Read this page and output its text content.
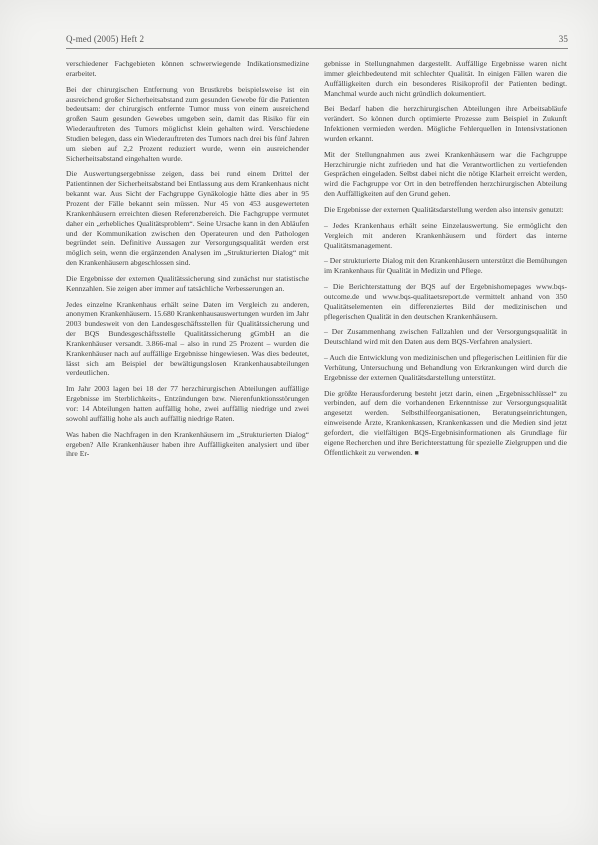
Q-med (2005) Heft 2	35

verschiedener Fachgebieten können schwerwiegende Indikationsmedizine erarbeitet.

Bei der chirurgischen Entfernung von Brustkrebs beispielsweise ist ein ausreichend großer Sicherheitsabstand zum gesunden Gewebe für die Patienten bedeutsam: der chirurgisch entfernte Tumor muss von einem ausreichend großen Saum gesunden Gewebes umgeben sein, damit das Risiko für ein Wiederauftreten des Tumors möglichst klein gehalten wird. Verschiedene Studien belegen, dass ein Wiederauftreten des Tumors nach drei bis fünf Jahren um sieben auf 2,2 Prozent reduziert wurde, wenn ein ausreichender Sicherheitsabstand eingehalten wurde.

Die Auswertungsergebnisse zeigen, dass bei rund einem Drittel der Patientinnen der Sicherheitsabstand bei Entlassung aus dem Krankenhaus nicht bekannt war. Aus Sicht der Fachgruppe Gynäkologie hätte dies aber in 95 Prozent der Fälle bekannt sein müssen. Nur 45 von 453 ausgewerteten Krankenhäusern erreichten diesen Referenzbereich. Die Fachgruppe vermutet daher ein „erhebliches Qualitätsproblem“. Seine Ursache kann in den Abläufen und der Kommunikation zwischen den Operateuren und den Pathologen begründet sein. Definitive Aussagen zur Versorgungsqualität werden erst möglich sein, wenn die ergänzenden Analysen im „Strukturierten Dialog“ mit den Krankenhäusern abgeschlossen sind.

Die Ergebnisse der externen Qualitätssicherung sind zunächst nur statistische Kennzahlen. Sie zeigen aber immer auf tatsächliche Verbesserungen an.

Jedes einzelne Krankenhaus erhält seine Daten im Vergleich zu anderen, anonymen Krankenhäusern. 15.680 Krankenhausauswertungen wurden im Jahr 2003 bundesweit von den Landesgeschäftsstellen für Qualitätssicherung und der BQS Bundesgeschäftsstelle Qualitätssicherung gGmbH an die Krankenhäuser versandt. 3.866-mal – also in rund 25 Prozent – wurden die Krankenhäuser nach auf auffällige Ergebnisse hingewiesen. Was dies bedeutet, lässt sich am Beispiel der bewältigungslosen Krankenhausabteilungen verdeutlichen.

Im Jahr 2003 lagen bei 18 der 77 herzchirurgischen Abteilungen auffällige Ergebnisse im Sterblichkeits-, Entzündungen bzw. Nierenfunktionsstörungen vor: 14 Abteilungen hatten auffällig hohe, zwei auffällig niedrige und zwei sowohl auffällig hohe als auch auffällig niedrige Raten.

Was haben die Nachfragen in den Krankenhäusern im „Strukturierten Dialog“ ergeben? Alle Krankenhäuser haben ihre Auffälligkeiten analysiert und über ihre Er-

gebnisse in Stellungnahmen dargestellt. Auffällige Ergebnisse waren nicht immer gleichbedeutend mit schlechter Qualität. In einigen Fällen waren die Auffälligkeiten durch ein besonderes Risikoprofil der Patienten bedingt. Manchmal wurde auch nicht gründlich dokumentiert.

Bei Bedarf haben die herzchirurgischen Abteilungen ihre Arbeitsabläufe verändert. So können durch optimierte Prozesse zum Beispiel in Zukunft Infektionen vermieden werden. Mögliche Fehlerquellen in Intensivstationen wurden erkannt.

Mit der Stellungnahmen aus zwei Krankenhäusern war die Fachgruppe Herzchirurgie nicht zufrieden und hat die Verantwortlichen zu vertiefenden Gesprächen eingeladen. Selbst dabei nicht die nötige Klarheit erreicht werden, wird die Fachgruppe vor Ort in den betreffenden herzchirurgischen Abteilung den Auffälligkeiten auf den Grund gehen.

Die Ergebnisse der externen Qualitätsdarstellung werden also intensiv genutzt:

– Jedes Krankenhaus erhält seine Einzelauswertung. Sie ermöglicht den Vergleich mit anderen Krankenhäusern und fördert das interne Qualitätsmanagement.

– Der strukturierte Dialog mit den Krankenhäusern unterstützt die Bemühungen im Krankenhaus für Qualität in Medizin und Pflege.

– Die Berichterstattung der BQS auf der Ergebnishomepages www.bqs-outcome.de und www.bqs-qualitaetsreport.de vermittelt anhand von 350 Qualitätselementen ein differenziertes Bild der medizinischen und pflegerischen Qualität in den deutschen Krankenhäusern.

– Der Zusammenhang zwischen Fallzahlen und der Versorgungsqualität in Deutschland wird mit den Daten aus dem BQS-Verfahren analysiert.

– Auch die Entwicklung von medizinischen und pflegerischen Leitlinien für die Verhütung, Untersuchung und Behandlung von Erkrankungen wird durch die Ergebnisse der externen Qualitätsdarstellung unterstützt.

Die größte Herausforderung besteht jetzt darin, einen „Ergebnisschlüssel“ zu verbinden, auf dem die vorhandenen Erkenntnisse zur Versorgungsqualität angesetzt werden. Selbsthilfeorganisationen, Beratungseinrichtungen, einweisende Ärzte, Krankenkassen, Krankenkassen und die Medien sind jetzt gefordert, die vielfältigen BQS-Ergebnisinformationen als Grundlage für eigene Recherchen und ihre Berichterstattung für spezielle Zielgruppen und die Öffentlichkeit zu verwenden. ■
